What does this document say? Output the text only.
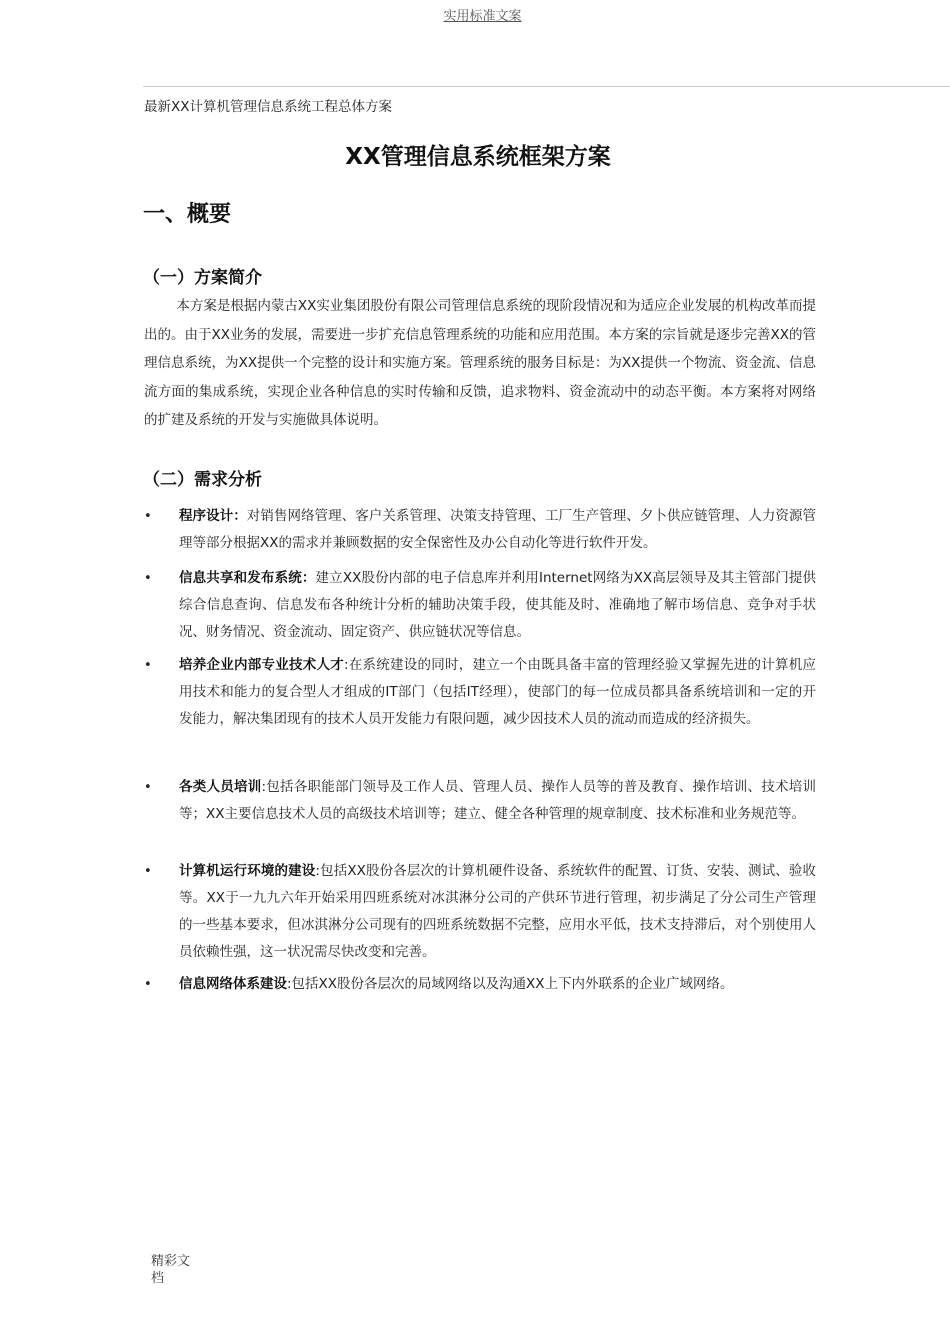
实用标准文案
最新XX计算机管理信息系统工程总体方案
XX管理信息系统框架方案
一、概要
（一）方案简介
本方案是根据内蒙古XX实业集团股份有限公司管理信息系统的现阶段情况和为适应企业发展的机构改革而提出的。由于XX业务的发展，需要进一步扩充信息管理系统的功能和应用范围。本方案的宗旨就是逐步完善XX的管理信息系统，为XX提供一个完整的设计和实施方案。管理系统的服务目标是：为XX提供一个物流、资金流、信息流方面的集成系统，实现企业各种信息的实时传输和反馈，追求物料、资金流动中的动态平衡。本方案将对网络的扩建及系统的开发与实施做具体说明。
（二）需求分析
• 程序设计：对销售网络管理、客户关系管理、决策支持管理、工厂生产管理、夕卜供应链管理、人力资源管理等部分根据XX的需求并兼顾数据的安全保密性及办公自动化等进行软件开发。
• 信息共享和发布系统：建立XX股份内部的电子信息库并利用Internet网络为XX高层领导及其主管部门提供综合信息查询、信息发布各种统计分析的辅助决策手段，使其能及时、准确地了解市场信息、竞争对手状况、财务情况、资金流动、固定资产、供应链状况等信息。
• 培养企业内部专业技术人才:在系统建设的同时，建立一个由既具备丰富的管理经验又掌握先进的计算机应用技术和能力的复合型人才组成的IT部门（包括IT经理），使部门的每一位成员都具备系统培训和一定的开发能力，解决集团现有的技术人员开发能力有限问题，减少因技术人员的流动而造成的经济损失。
• 各类人员培训:包括各职能部门领导及工作人员、管理人员、操作人员等的普及教育、操作培训、技术培训等；XX主要信息技术人员的高级技术培训等；建立、健全各种管理的规章制度、技术标准和业务规范等。
• 计算机运行环境的建设:包括XX股份各层次的计算机硬件设备、系统软件的配置、订货、安装、测试、验收等。XX于一九九六年开始采用四班系统对冰淇淋分公司的产供环节进行管理，初步满足了分公司生产管理的一些基本要求，但冰淇淋分公司现有的四班系统数据不完整，应用水平低，技术支持滞后，对个别使用人员依赖性强，这一状况需尽快改变和完善。
• 信息网络体系建设:包括XX股份各层次的局域网络以及沟通XX上下内外联系的企业广域网络。
精彩文档
